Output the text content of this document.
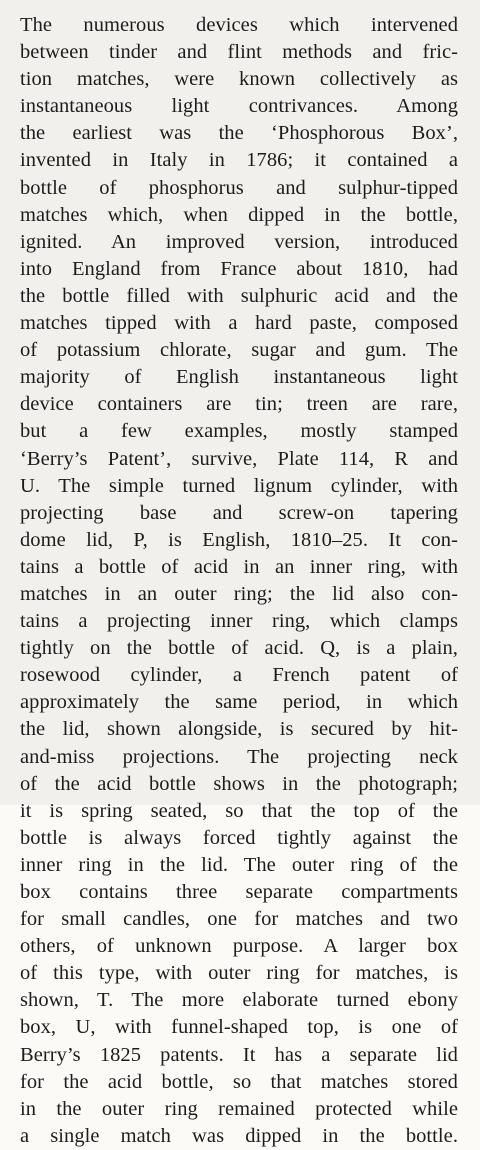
The numerous devices which intervened
between tinder and flint methods and fric-
tion matches, were known collectively as
instantaneous light contrivances. Among
the earliest was the ‘Phosphorous Box’,
invented in Italy in 1786; it contained a
bottle of phosphorus and sulphur-tipped
matches which, when dipped in the bottle,
ignited. An improved version, introduced
into England from France about 1810, had
the bottle filled with sulphuric acid and the
matches tipped with a hard paste, composed
of potassium chlorate, sugar and gum. The
majority of English instantaneous light
device containers are tin; treen are rare,
but a few examples, mostly stamped
‘Berry’s Patent’, survive, Plate 114, R and
U. The simple turned lignum cylinder, with
projecting base and screw-on tapering
dome lid, P, is English, 1810–25. It con-
tains a bottle of acid in an inner ring, with
matches in an outer ring; the lid also con-
tains a projecting inner ring, which clamps
tightly on the bottle of acid. Q, is a plain,
rosewood cylinder, a French patent of
approximately the same period, in which
the lid, shown alongside, is secured by hit-
and-miss projections. The projecting neck
of the acid bottle shows in the photograph;
it is spring seated, so that the top of the
bottle is always forced tightly against the
inner ring in the lid. The outer ring of the
box contains three separate compartments
for small candles, one for matches and two
others, of unknown purpose. A larger box
of this type, with outer ring for matches, is
shown, T. The more elaborate turned ebony
box, U, with funnel-shaped top, is one of
Berry’s 1825 patents. It has a separate lid
for the acid bottle, so that matches stored
in the outer ring remained protected while
a single match was dipped in the bottle.
